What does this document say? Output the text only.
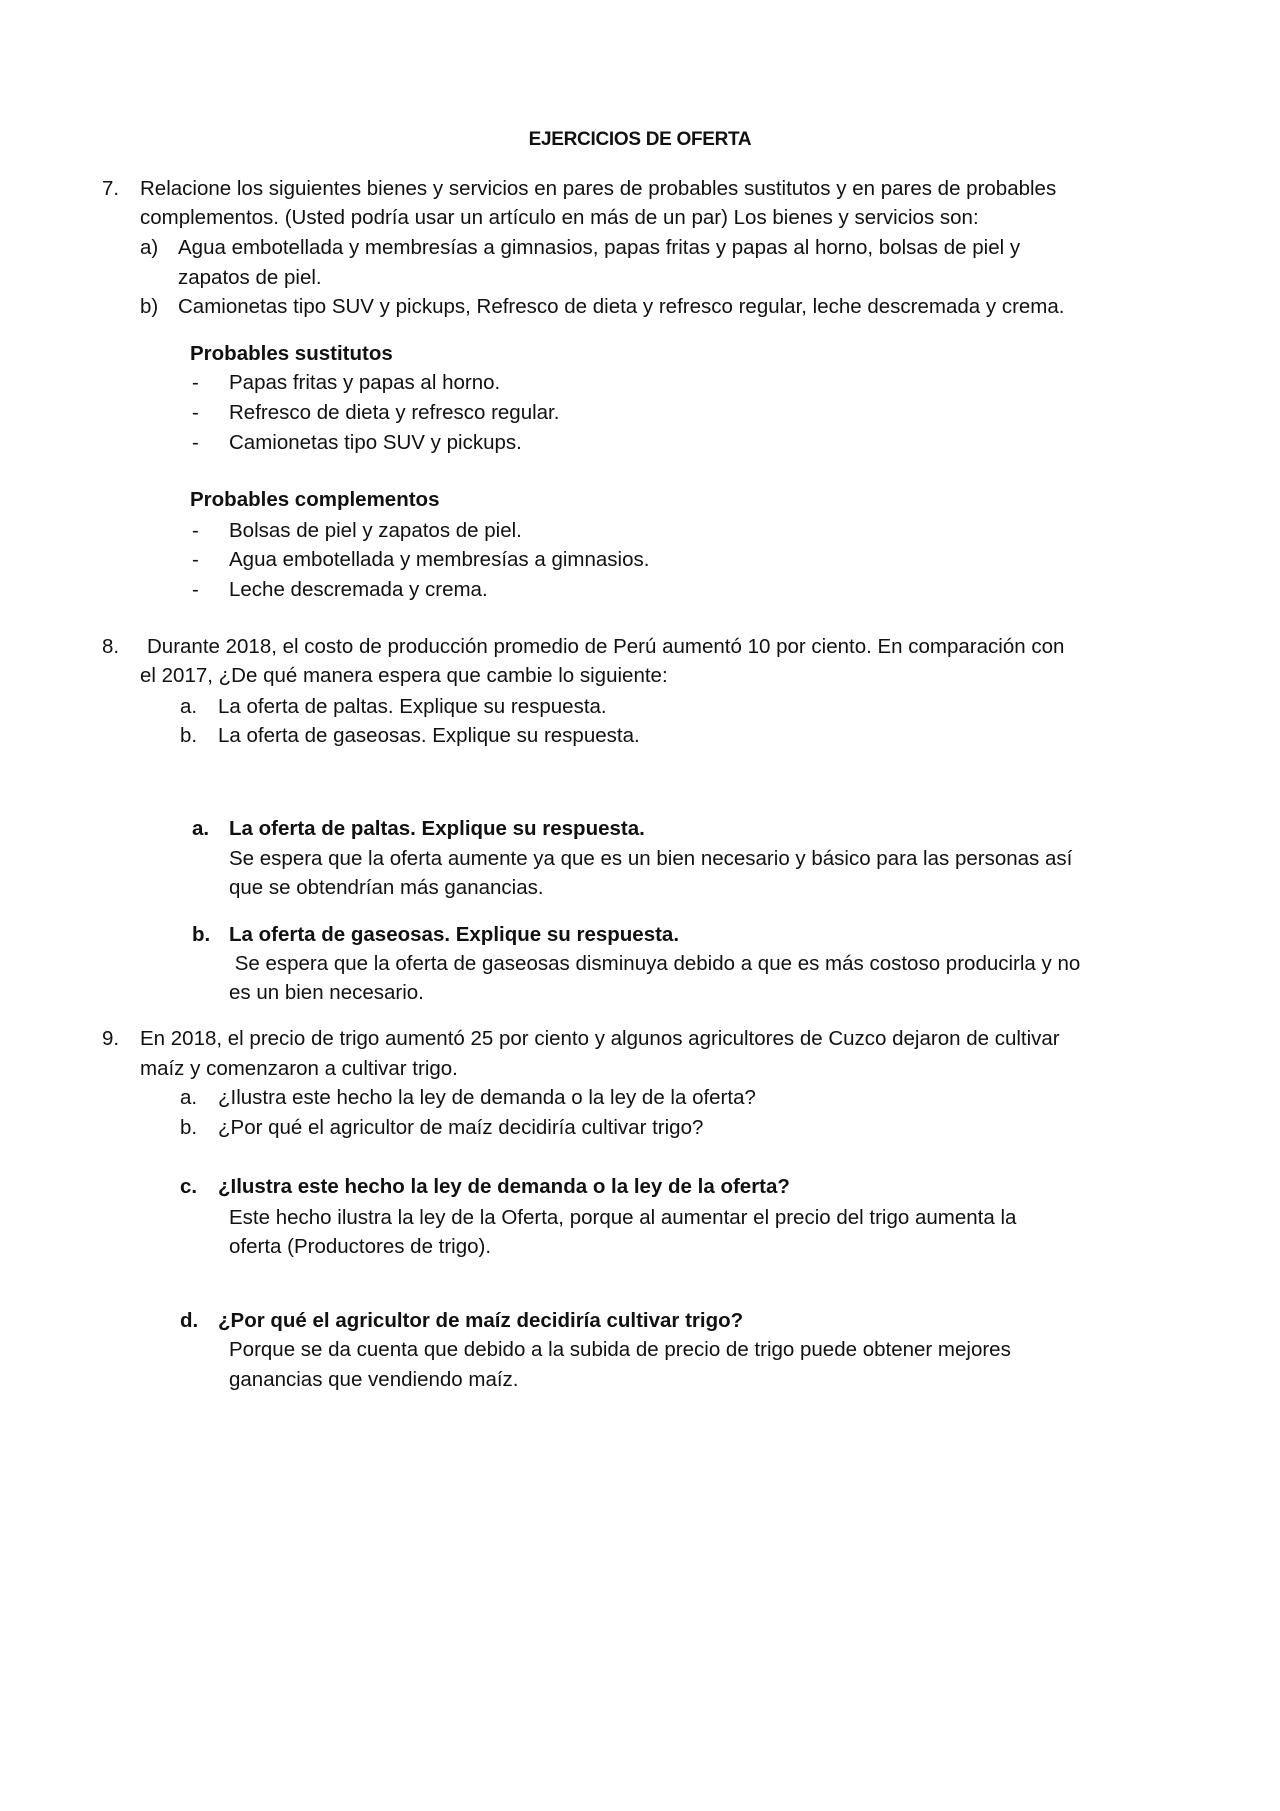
EJERCICIOS DE OFERTA
7. Relacione los siguientes bienes y servicios en pares de probables sustitutos y en pares de probables
complementos. (Usted podría usar un artículo en más de un par) Los bienes y servicios son:
a) Agua embotellada y membresías a gimnasios, papas fritas y papas al horno, bolsas de piel y
zapatos de piel.
b) Camionetas tipo SUV y pickups, Refresco de dieta y refresco regular, leche descremada y crema.
Probables sustitutos
- Papas fritas y papas al horno.
- Refresco de dieta y refresco regular.
- Camionetas tipo SUV y pickups.
Probables complementos
- Bolsas de piel y zapatos de piel.
- Agua embotellada y membresías a gimnasios.
- Leche descremada y crema.
8. Durante 2018, el costo de producción promedio de Perú aumentó 10 por ciento. En comparación con
el 2017, ¿De qué manera espera que cambie lo siguiente:
a. La oferta de paltas. Explique su respuesta.
b. La oferta de gaseosas. Explique su respuesta.
a. La oferta de paltas. Explique su respuesta.
Se espera que la oferta aumente ya que es un bien necesario y básico para las personas así
que se obtendrían más ganancias.
b. La oferta de gaseosas. Explique su respuesta.
Se espera que la oferta de gaseosas disminuya debido a que es más costoso producirla y no
es un bien necesario.
9. En 2018, el precio de trigo aumentó 25 por ciento y algunos agricultores de Cuzco dejaron de cultivar
maíz y comenzaron a cultivar trigo.
a. ¿Ilustra este hecho la ley de demanda o la ley de la oferta?
b. ¿Por qué el agricultor de maíz decidiría cultivar trigo?
c. ¿Ilustra este hecho la ley de demanda o la ley de la oferta?
Este hecho ilustra la ley de la Oferta, porque al aumentar el precio del trigo aumenta la
oferta (Productores de trigo).
d. ¿Por qué el agricultor de maíz decidiría cultivar trigo?
Porque se da cuenta que debido a la subida de precio de trigo puede obtener mejores
ganancias que vendiendo maíz.
